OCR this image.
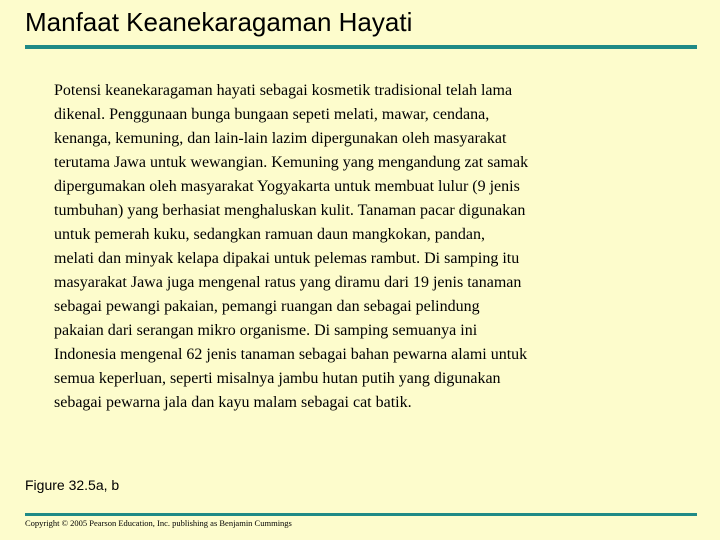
Manfaat Keanekaragaman Hayati

Potensi keanekaragaman hayati sebagai kosmetik tradisional telah lama
dikenal. Penggunaan bunga bungaan sepeti melati, mawar, cendana,
kenanga, kemuning, dan lain-lain lazim dipergunakan oleh masyarakat
terutama Jawa untuk wewangian. Kemuning yang mengandung zat samak
dipergumakan oleh masyarakat Yogyakarta untuk membuat lulur (9 jenis
tumbuhan) yang berhasiat menghaluskan kulit. Tanaman pacar digunakan
untuk pemerah kuku, sedangkan ramuan daun mangkokan, pandan,
melati dan minyak kelapa dipakai untuk pelemas rambut. Di samping itu
masyarakat Jawa juga mengenal ratus yang diramu dari 19 jenis tanaman
sebagai pewangi pakaian, pemangi ruangan dan sebagai pelindung
pakaian dari serangan mikro organisme. Di samping semuanya ini
Indonesia mengenal 62 jenis tanaman sebagai bahan pewarna alami untuk
semua keperluan, seperti misalnya jambu hutan putih yang digunakan
sebagai pewarna jala dan kayu malam sebagai cat batik.

Figure 32.5a, b
Copyright © 2005 Pearson Education, Inc. publishing as Benjamin Cummings
